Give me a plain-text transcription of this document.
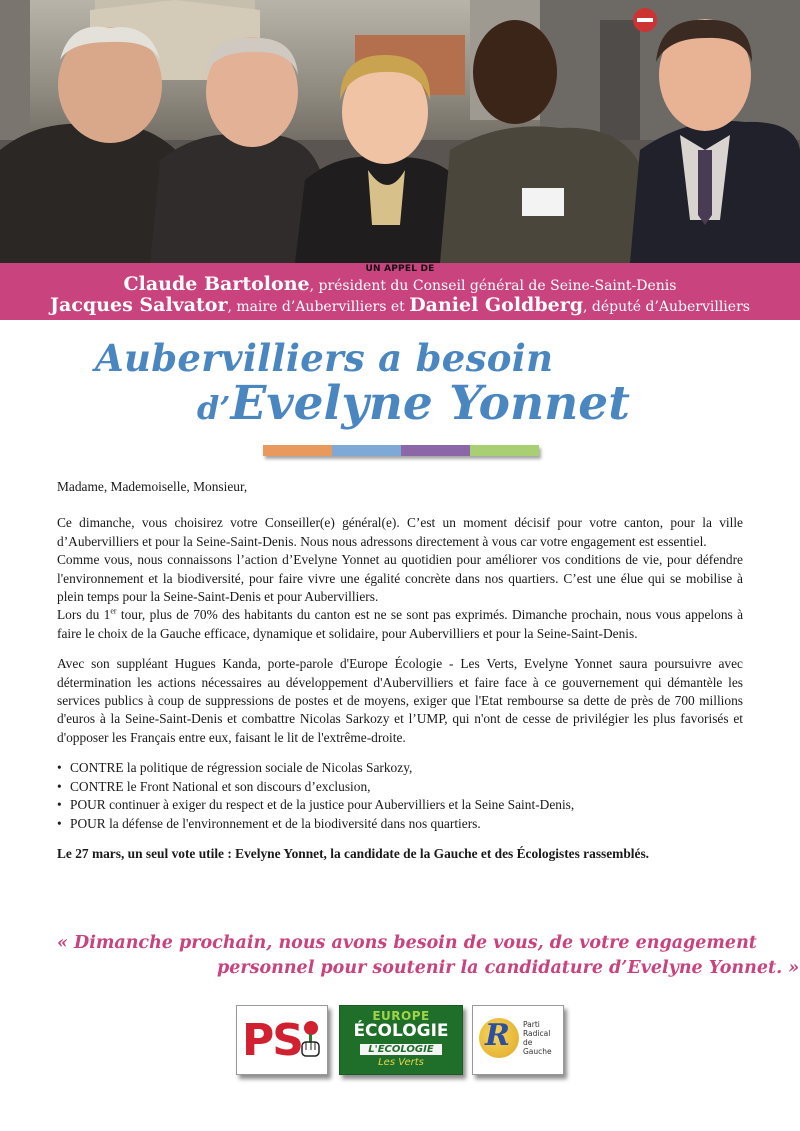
UN APPEL DE
Claude Bartolone, président du Conseil général de Seine-Saint-Denis
Jacques Salvator, maire d’Aubervilliers et Daniel Goldberg, député d’Aubervilliers
Aubervilliers a besoin
d’Evelyne Yonnet

Madame, Mademoiselle, Monsieur,

Ce dimanche, vous choisirez votre Conseiller(e) général(e). C’est un moment décisif pour votre canton, pour la ville d’Aubervilliers et pour la Seine-Saint-Denis. Nous nous adressons directement à vous car votre engagement est essentiel.

Comme vous, nous connaissons l’action d’Evelyne Yonnet au quotidien pour améliorer vos conditions de vie, pour défendre l'environnement et la biodiversité, pour faire vivre une égalité concrète dans nos quartiers. C’est une élue qui se mobilise à plein temps pour la Seine-Saint-Denis et pour Aubervilliers.

Lors du 1er tour, plus de 70% des habitants du canton est ne se sont pas exprimés. Dimanche prochain, nous vous appelons à faire le choix de la Gauche efficace, dynamique et solidaire, pour Aubervilliers et pour la Seine-Saint-Denis.

Avec son suppléant Hugues Kanda, porte-parole d'Europe Écologie - Les Verts, Evelyne Yonnet saura poursuivre avec détermination les actions nécessaires au développement d'Aubervilliers et faire face à ce gouvernement qui démantèle les services publics à coup de suppressions de postes et de moyens, exiger que l'Etat rembourse sa dette de près de 700 millions d'euros à la Seine-Saint-Denis et combattre Nicolas Sarkozy et l’UMP, qui n'ont de cesse de privilégier les plus favorisés et d'opposer les Français entre eux, faisant le lit de l'extrême-droite.

• CONTRE la politique de régression sociale de Nicolas Sarkozy,
• CONTRE le Front National et son discours d’exclusion,
• POUR continuer à exiger du respect et de la justice pour Aubervilliers et la Seine Saint-Denis,
• POUR la défense de l'environnement et de la biodiversité dans nos quartiers.

Le 27 mars, un seul vote utile : Evelyne Yonnet, la candidate de la Gauche et des Écologistes rassemblés.

« Dimanche prochain, nous avons besoin de vous, de votre engagement
personnel pour soutenir la candidature d’Evelyne Yonnet. »
PS	EUROPE
ÉCOLOGIE
L'ÉCOLOGIE
Les Verts
R Parti
Radical
de Gauche
